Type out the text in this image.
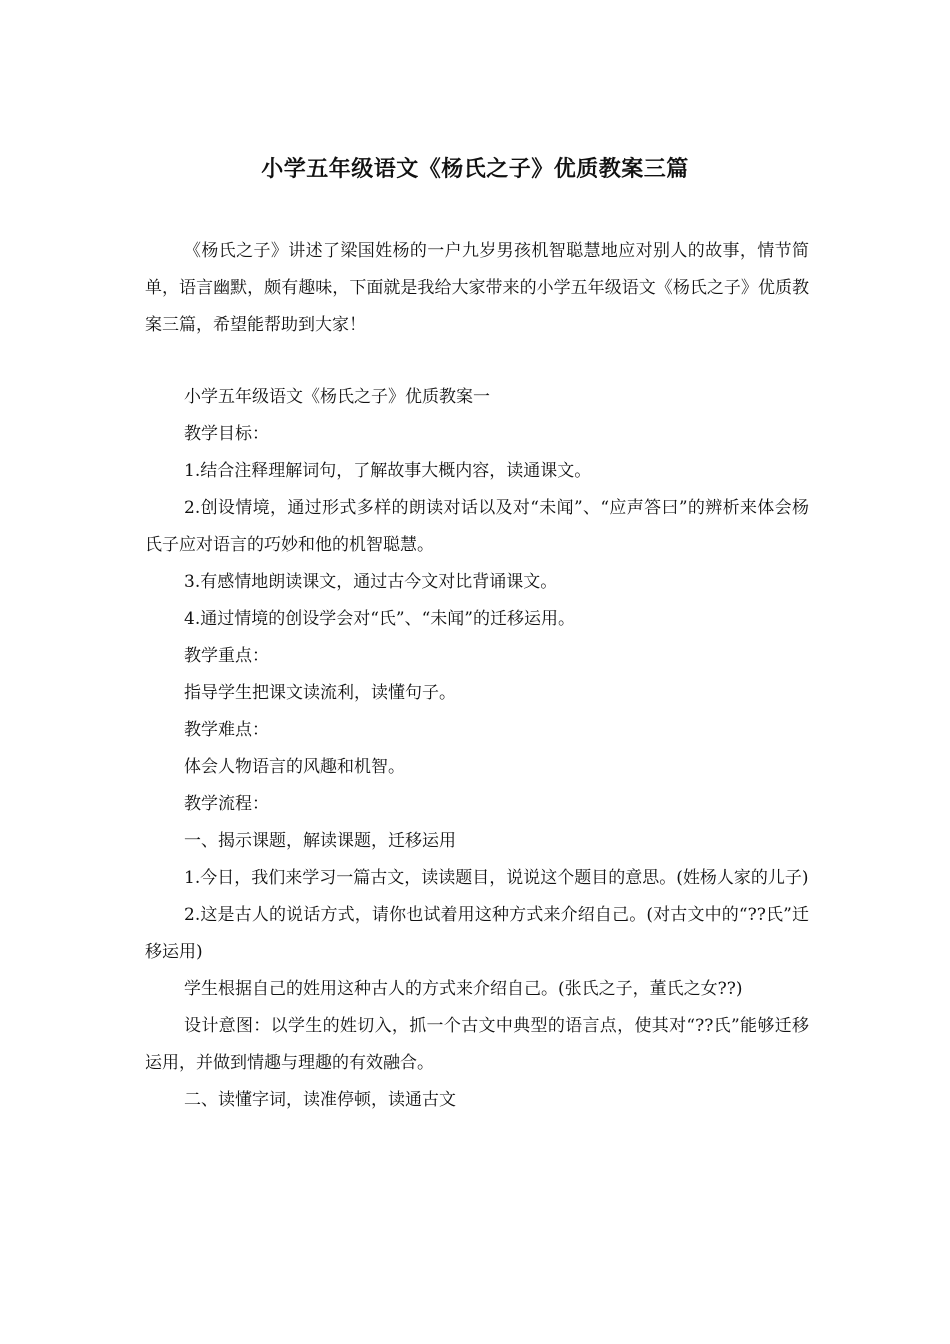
小学五年级语文《杨氏之子》优质教案三篇

《杨氏之子》讲述了梁国姓杨的一户九岁男孩机智聪慧地应对别人的故事，情节简单，语言幽默，颇有趣味，下面就是我给大家带来的小学五年级语文《杨氏之子》优质教案三篇，希望能帮助到大家！

小学五年级语文《杨氏之子》优质教案一

教学目标：

1.结合注释理解词句，了解故事大概内容，读通课文。

2.创设情境，通过形式多样的朗读对话以及对“未闻”、“应声答曰”的辨析来体会杨氏子应对语言的巧妙和他的机智聪慧。

3.有感情地朗读课文，通过古今文对比背诵课文。

4.通过情境的创设学会对“氏”、“未闻”的迁移运用。

教学重点：

指导学生把课文读流利，读懂句子。

教学难点：

体会人物语言的风趣和机智。

教学流程：

一、揭示课题，解读课题，迁移运用

1.今日，我们来学习一篇古文，读读题目，说说这个题目的意思。(姓杨人家的儿子)

2.这是古人的说话方式，请你也试着用这种方式来介绍自己。(对古文中的“??氏”迁移运用)

学生根据自己的姓用这种古人的方式来介绍自己。(张氏之子，董氏之女??)

设计意图：以学生的姓切入，抓一个古文中典型的语言点，使其对“??氏”能够迁移运用，并做到情趣与理趣的有效融合。

二、读懂字词，读准停顿，读通古文
